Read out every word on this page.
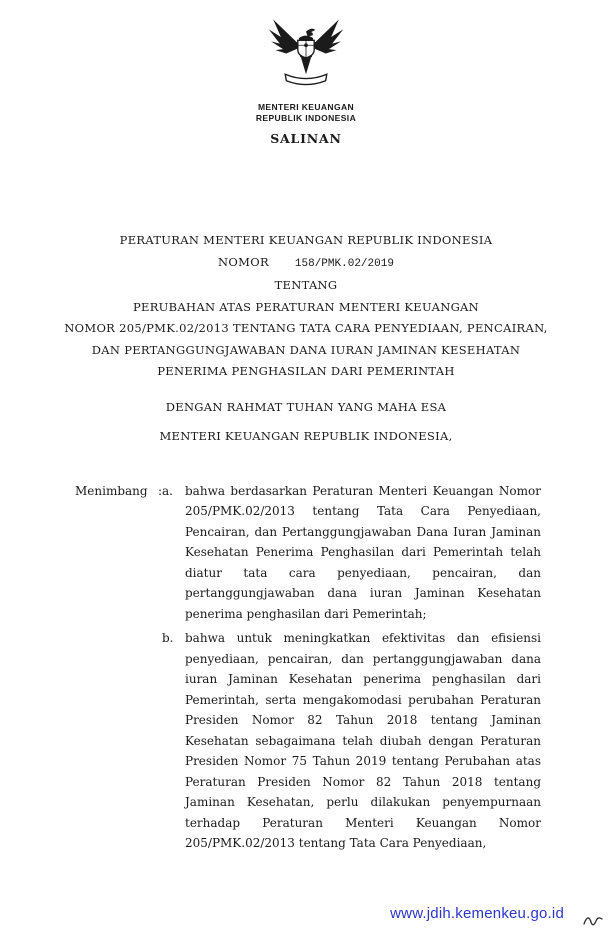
MENTERI KEUANGAN
REPUBLIK INDONESIA
SALINAN
PERATURAN MENTERI KEUANGAN REPUBLIK INDONESIA
NOMOR 158/PMK.02/2019
TENTANG
PERUBAHAN ATAS PERATURAN MENTERI KEUANGAN
NOMOR 205/PMK.02/2013 TENTANG TATA CARA PENYEDIAAN, PENCAIRAN,
DAN PERTANGGUNGJAWABAN DANA IURAN JAMINAN KESEHATAN
PENERIMA PENGHASILAN DARI PEMERINTAH
DENGAN RAHMAT TUHAN YANG MAHA ESA
MENTERI KEUANGAN REPUBLIK INDONESIA,
Menimbang : a.	bahwa berdasarkan Peraturan Menteri Keuangan Nomor 205/PMK.02/2013 tentang Tata Cara Penyediaan, Pencairan, dan Pertanggungjawaban Dana Iuran Jaminan Kesehatan Penerima Penghasilan dari Pemerintah telah diatur tata cara penyediaan, pencairan, dan pertanggungjawaban dana iuran Jaminan Kesehatan penerima penghasilan dari Pemerintah;
b. bahwa untuk meningkatkan efektivitas dan efisiensi penyediaan, pencairan, dan pertanggungjawaban dana iuran Jaminan Kesehatan penerima penghasilan dari Pemerintah, serta mengakomodasi perubahan Peraturan Presiden Nomor 82 Tahun 2018 tentang Jaminan Kesehatan sebagaimana telah diubah dengan Peraturan Presiden Nomor 75 Tahun 2019 tentang Perubahan atas Peraturan Presiden Nomor 82 Tahun 2018 tentang Jaminan Kesehatan, perlu dilakukan penyempurnaan terhadap Peraturan Menteri Keuangan Nomor 205/PMK.02/2013 tentang Tata Cara Penyediaan,
www.jdih.kemenkeu.go.id
